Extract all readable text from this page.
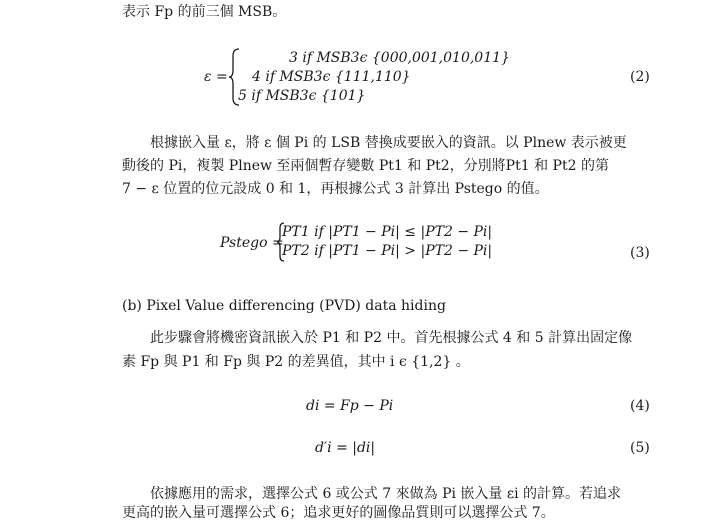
表示 Fp 的前三個 MSB。
ε =
3 if MSB3ϵ {000,001,010,011}
4 if MSB3ϵ {111,110}
5 if MSB3ϵ {101}
(2)
根據嵌入量 ε，將 ε 個 Pi 的 LSB 替換成要嵌入的資訊。以 Plnew 表示被更
動後的 Pi，複製 Plnew 至兩個暫存變數 Pt1 和 Pt2，分別將Pt1 和 Pt2 的第
7 − ε 位置的位元設成 0 和 1，再根據公式 3 計算出 Pstego 的值。
Pstego =
PT1 if |PT1 − Pi| ≤ |PT2 − Pi|
PT2 if |PT1 − Pi| > |PT2 − Pi|	(3)
(b) Pixel Value differencing (PVD) data hiding
此步驟會將機密資訊嵌入於 P1 和 P2 中。首先根據公式 4 和 5 計算出固定像
素 Fp 與 P1 和 Fp 與 P2 的差異值，其中 i ϵ {1,2} 。
di = Fp − Pi	(4)
d′i = |di|	(5)
依據應用的需求，選擇公式 6 或公式 7 來做為 Pi 嵌入量 εi 的計算。若追求
更高的嵌入量可選擇公式 6；追求更好的圖像品質則可以選擇公式 7。
